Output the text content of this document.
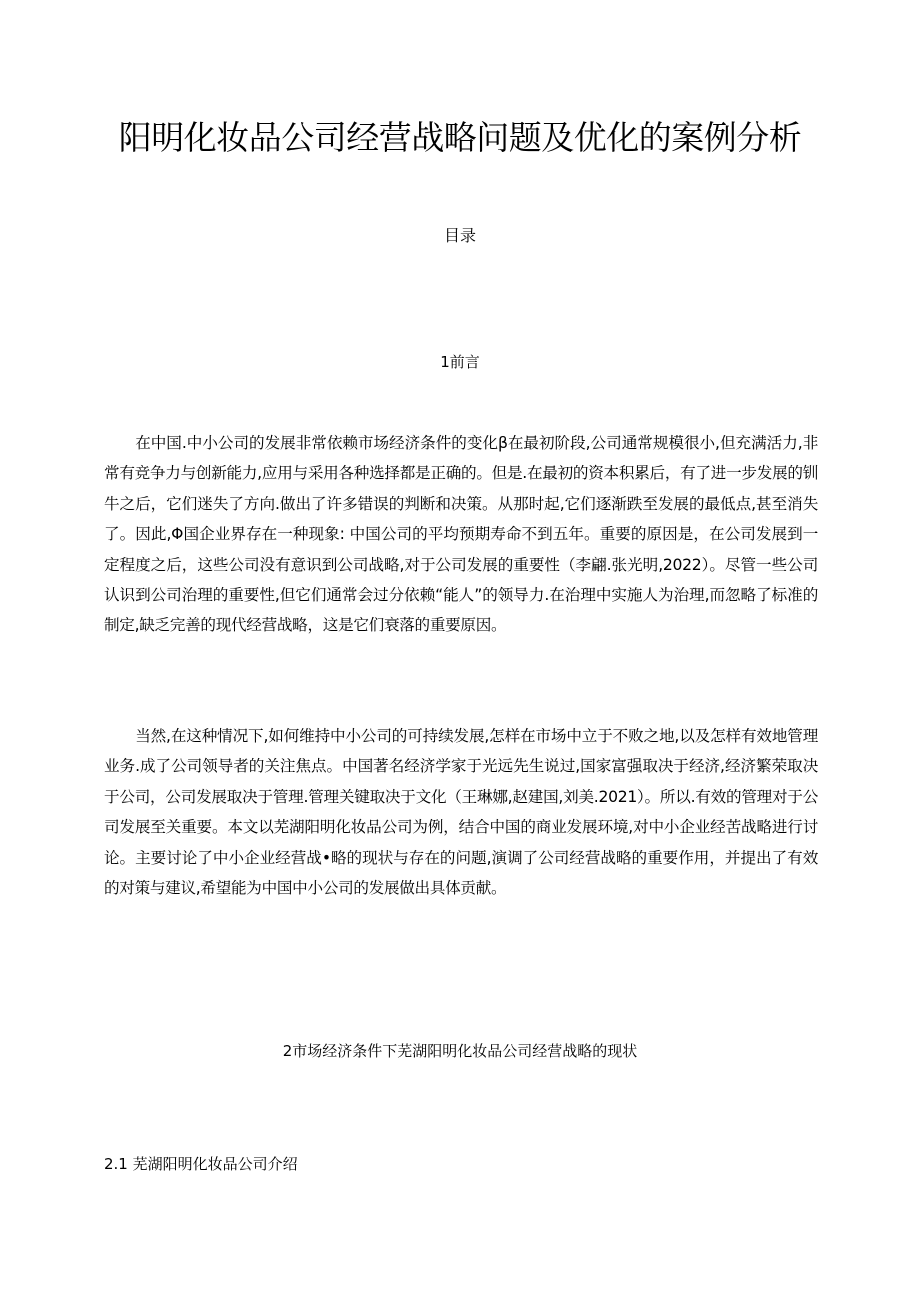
阳明化妆品公司经营战略问题及优化的案例分析

目录

1前言

在中国.中小公司的发展非常依赖市场经济条件的变化β在最初阶段,公司通常规模很小,但充满活力,非常有竞争力与创新能力,应用与采用各种选择都是正确的。但是.在最初的资本积累后，有了进一步发展的钏牛之后，它们迷失了方向.做出了许多错误的判断和决策。从那时起,它们逐渐跌至发展的最低点,甚至消失了。因此,Φ国企业界存在一种现象: 中国公司的平均预期寿命不到五年。重要的原因是，在公司发展到一定程度之后，这些公司没有意识到公司战略,对于公司发展的重要性（李翩.张光明,2022）。尽管一些公司认识到公司治理的重要性,但它们通常会过分依赖“能人”的领导力.在治理中实施人为治理,而忽略了标准的制定,缺乏完善的现代经营战略，这是它们衰落的重要原因。

当然,在这种情况下,如何维持中小公司的可持续发展,怎样在市场中立于不败之地,以及怎样有效地管理业务.成了公司领导者的关注焦点。中国著名经济学家于光远先生说过,国家富强取决于经济,经济繁荣取决于公司，公司发展取决于管理.管理关键取决于文化（王琳娜,赵建国,刘美.2021）。所以.有效的管理对于公司发展至关重要。本文以芜湖阳明化妆品公司为例，结合中国的商业发展环境,对中小企业经苦战略进行讨论。主要讨论了中小企业经营战•略的现状与存在的问题,演调了公司经营战略的重要作用，并提出了有效的对策与建议,希望能为中国中小公司的发展做出具体贡献。

2市场经济条件下芜湖阳明化妆品公司经营战略的现状
2.1 芜湖阳明化妆品公司介绍
